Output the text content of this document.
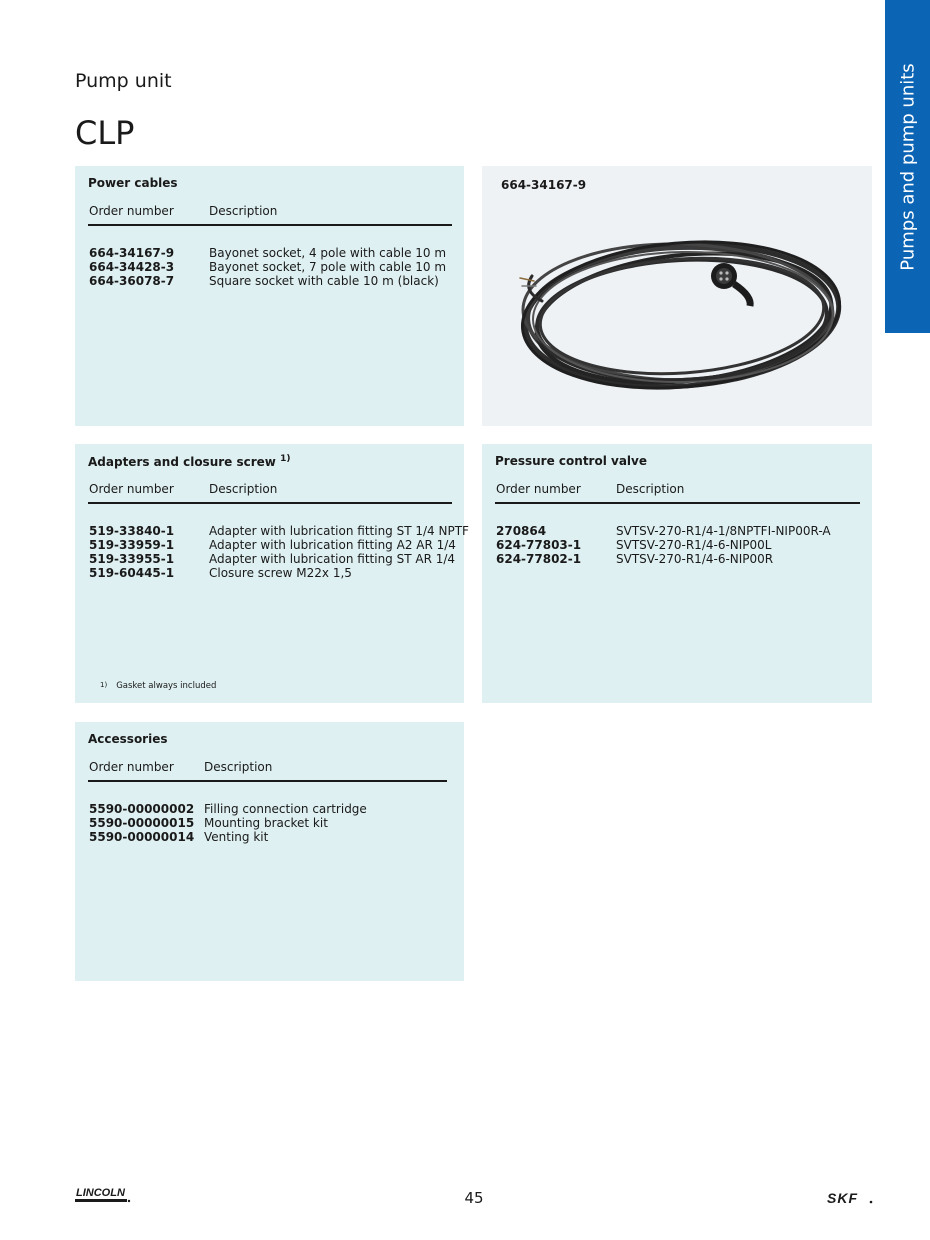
Pumps and pump units
Pump unit
CLP
Power cables
Order number	Description
664-34167-9	Bayonet socket, 4 pole with cable 10 m
664-34428-3	Bayonet socket, 7 pole with cable 10 m
664-36078-7	Square socket with cable 10 m (black)
664-34167-9
Adapters and closure screw $^{1)}$
Order number	Description
519-33840-1	Adapter with lubrication fitting ST 1/4 NPTF
519-33959-1	Adapter with lubrication fitting A2 AR 1/4
519-33955-1	Adapter with lubrication fitting ST AR 1/4
519-60445-1	Closure screw M22x 1,5
$^{1)}$ Gasket always included
Pressure control valve
Order number	Description
270864	SVTSV-270-R1/4-1/8NPTFI-NIP00R-A
624-77803-1	SVTSV-270-R1/4-6-NIP00L
624-77802-1	SVTSV-270-R1/4-6-NIP00R
Accessories
Order number	Description
5590-00000002 Filling connection cartridge
5590-00000015 Mounting bracket kit
5590-00000014 Venting kit
LINCOLN	45	SKF
